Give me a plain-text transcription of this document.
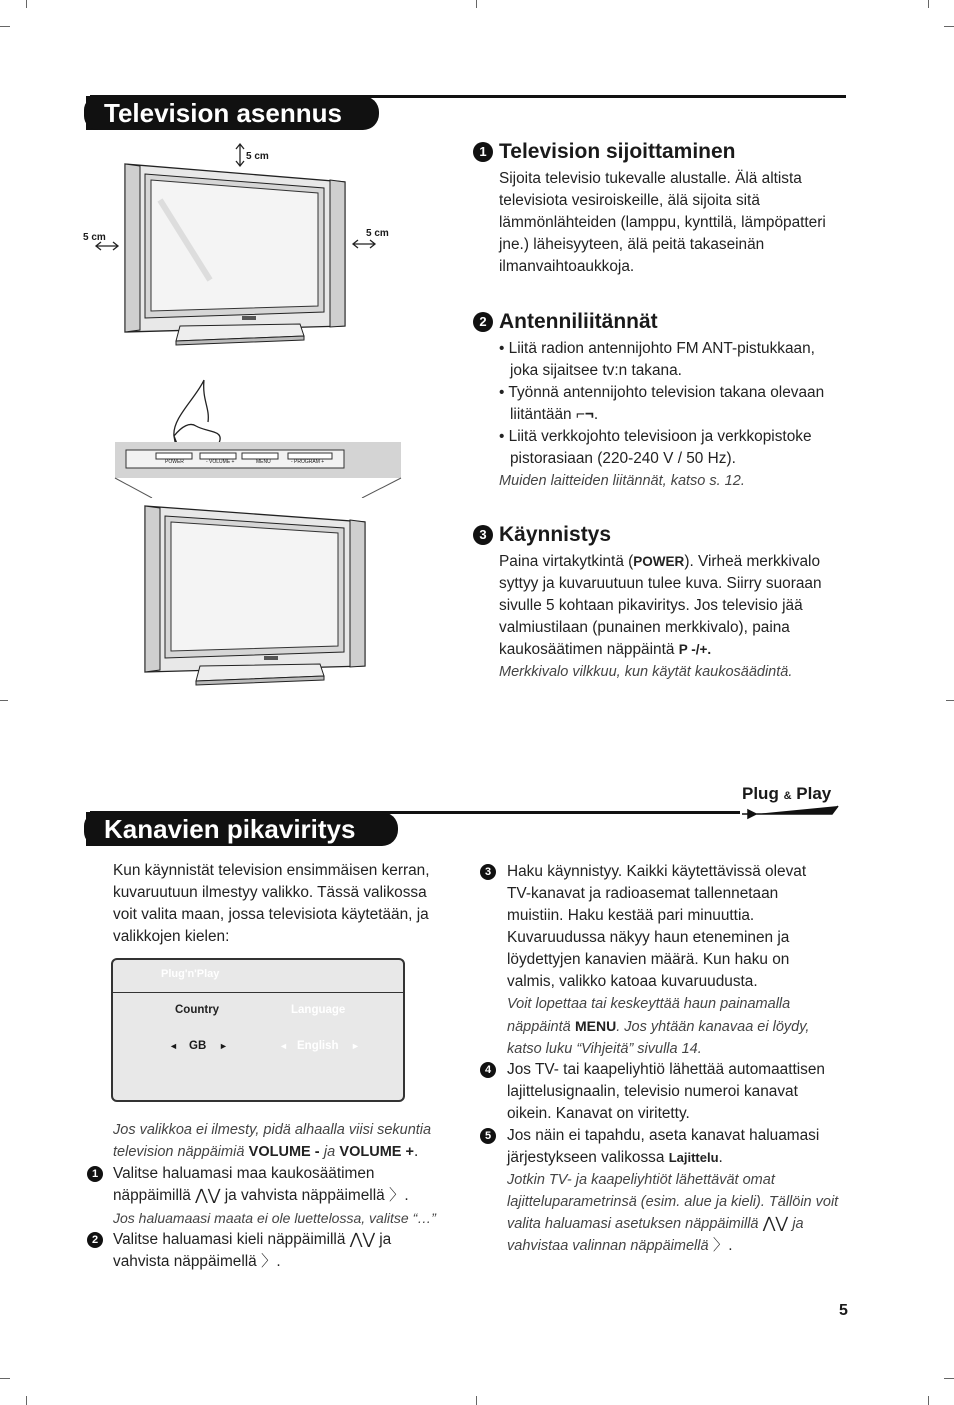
Television asennus
5 cm
5 cm	5 cm
POWER	- VOLUME +	MENU	- PROGRAM +
1 Television sijoittaminen
Sijoita televisio tukevalle alustalle. Älä altista
televisiota vesiroiskeille, älä sijoita sitä
lämmönlähteiden (lamppu, kynttilä, lämpöpatteri
jne.) läheisyyteen, älä peitä takaseinän
ilmanvaihtoaukkoja.
2 Antenniliitännät
• Liitä radion antennijohto FM ANT-pistukkaan,
joka sijaitsee tv:n takana.
• Työnnä antennijohto television takana olevaan
liitäntään ⌐¬.
• Liitä verkkojohto televisioon ja verkkopistoke
pistorasiaan (220-240 V / 50 Hz).
Muiden laitteiden liitännät, katso s. 12.
3 Käynnistys
Paina virtakytkintä (POWER). Virheä merkkivalo
syttyy ja kuvaruutuun tulee kuva. Siirry suoraan
sivulle 5 kohtaan pikaviritys. Jos televisio jää
valmiustilaan (punainen merkkivalo), paina
kaukosäätimen näppäintä P -/+.
Merkkivalo vilkkuu, kun käytät kaukosäädintä.
Plug & Play
Kanavien pikaviritys
Kun käynnistät television ensimmäisen kerran,
kuvaruutuun ilmestyy valikko. Tässä valikossa
voit valita maan, jossa televisiota käytetään, ja
valikkojen kielen:
Plug'n'Play
Country	Language
◄ GB ►	◄ English ►
Jos valikkoa ei ilmesty, pidä alhaalla viisi sekuntia
television näppäimiä VOLUME - ja VOLUME +.
1 Valitse haluamasi maa kaukosäätimen
näppäimillä ⋀⋁ ja vahvista näppäimellä 〉.
Jos haluamaasi maata ei ole luettelossa, valitse “…”
2 Valitse haluamasi kieli näppäimillä ⋀⋁ ja
vahvista näppäimellä 〉.
3	Haku käynnistyy. Kaikki käytettävissä olevat
TV-kanavat ja radioasemat tallennetaan
muistiin. Haku kestää pari minuuttia.
Kuvaruudussa näkyy haun eteneminen ja
löydettyjen kanavien määrä. Kun haku on
valmis, valikko katoaa kuvaruudusta.
Voit lopettaa tai keskeyttää haun painamalla
näppäintä MENU. Jos yhtään kanavaa ei löydy,
katso luku “Vihjeitä” sivulla 14.
4	Jos TV- tai kaapeliyhtiö lähettää automaattisen
lajittelusignaalin, televisio numeroi kanavat
oikein. Kanavat on viritetty.
5	Jos näin ei tapahdu, aseta kanavat haluamasi
järjestykseen valikossa Lajittelu.
Jotkin TV- ja kaapeliyhtiöt lähettävät omat
lajitteluparametrinsä (esim. alue ja kieli). Tällöin voit
valita haluamasi asetuksen näppäimillä ⋀⋁ ja
vahvistaa valinnan näppäimellä 〉.
5
